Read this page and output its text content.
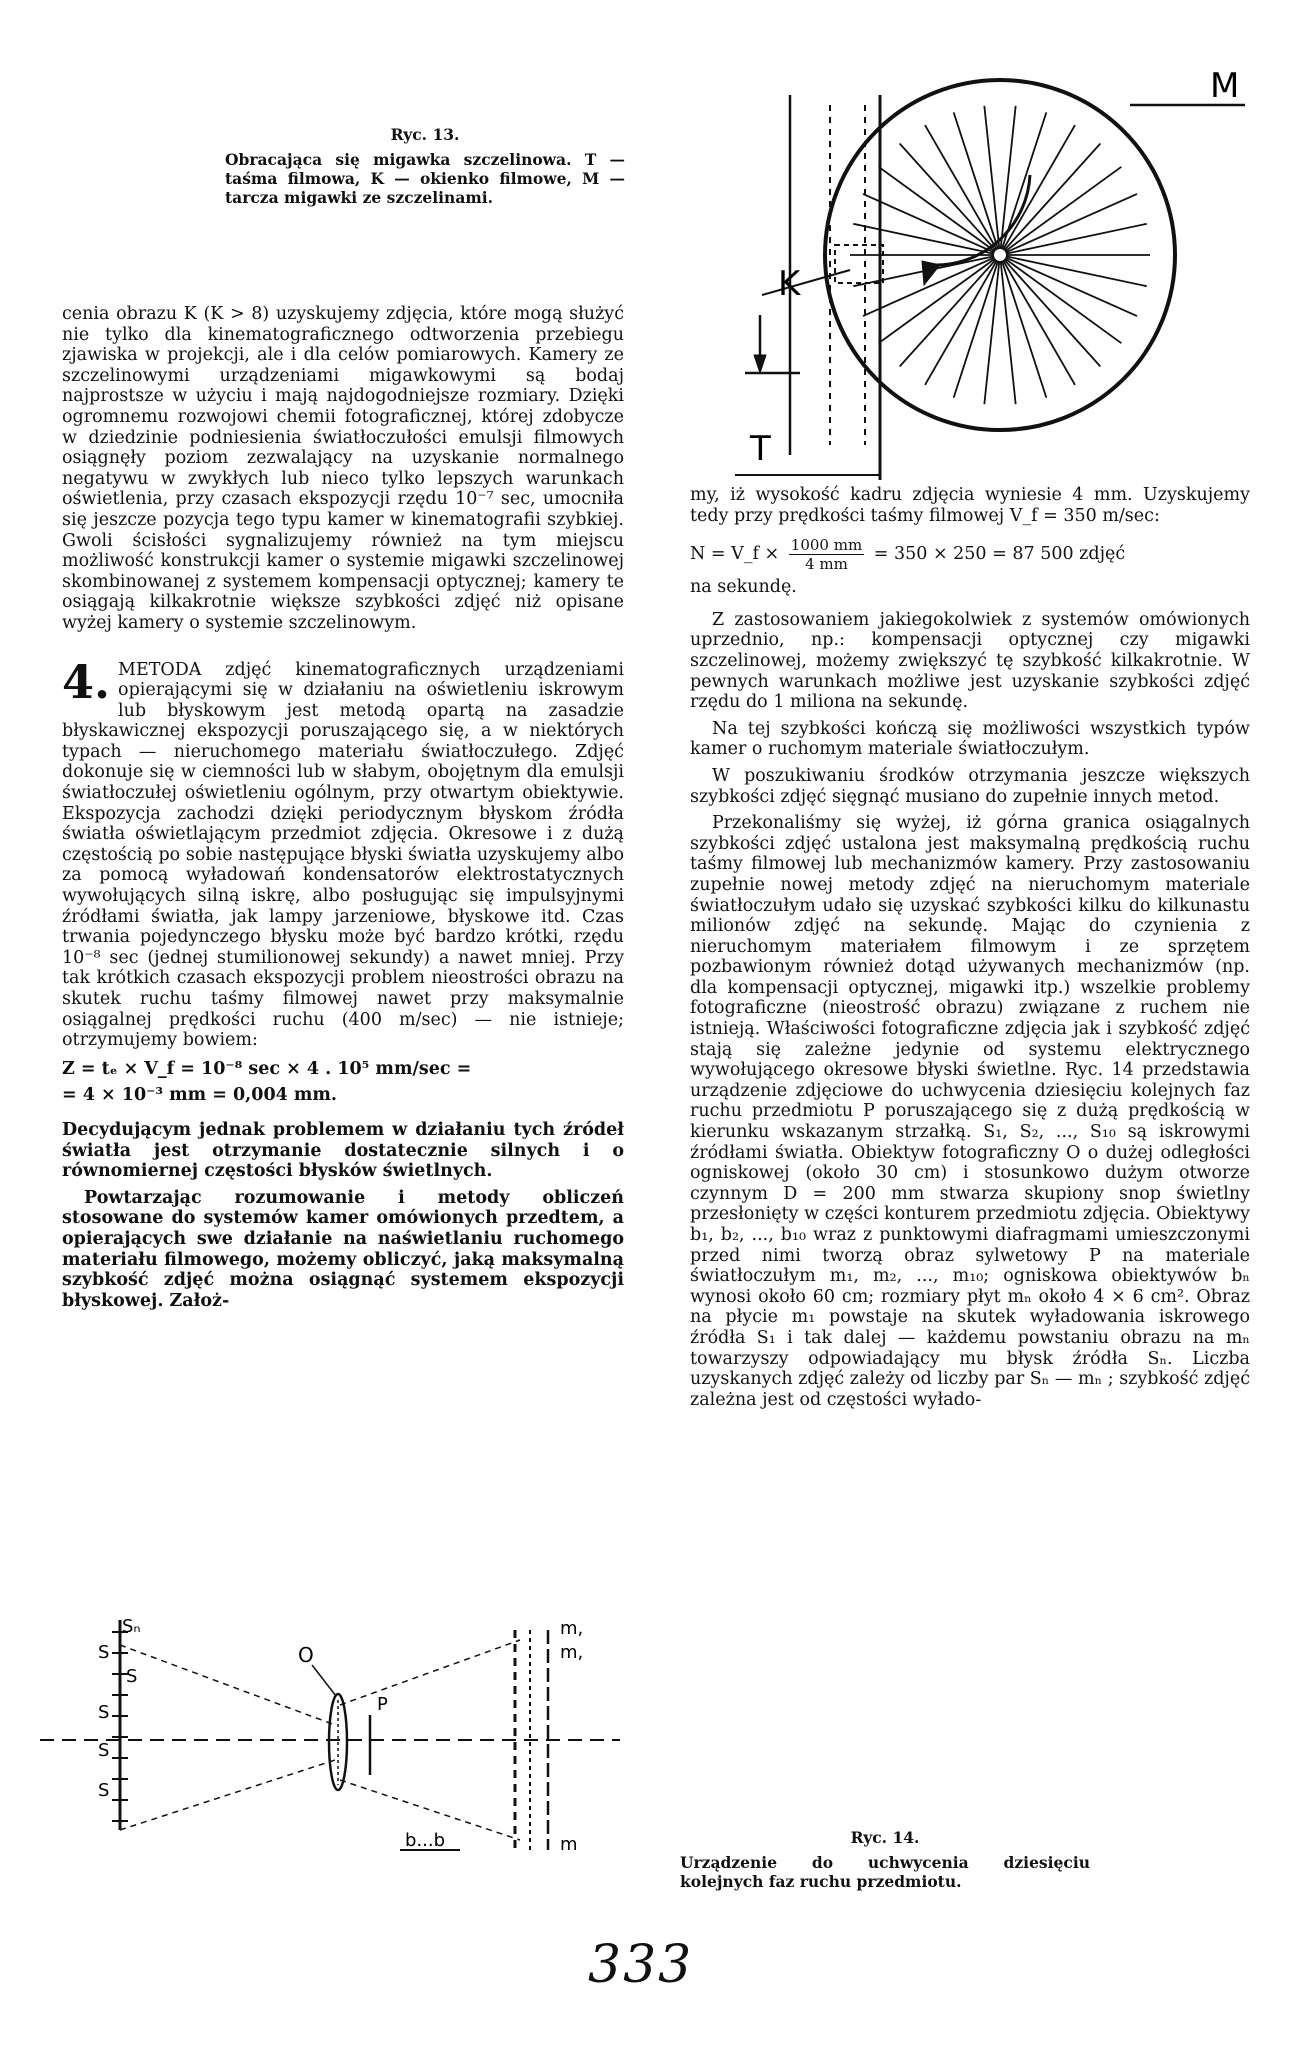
Ryc. 13.
Obracająca się migawka szczelinowa. T — taśma filmowa, K — okienko filmowe, M — tarcza migawki ze szczelinami.
M
K
T

cenia obrazu K (K > 8) uzyskujemy zdjęcia, które mogą służyć nie tylko dla kinematograficznego odtworzenia przebiegu zjawiska w projekcji, ale i dla celów pomiarowych. Kamery ze szczelinowymi urządzeniami migawkowymi są bodaj najprostsze w użyciu i mają najdogodniejsze rozmiary. Dzięki ogromnemu rozwojowi chemii fotograficznej, której zdobycze w dziedzinie podniesienia światłoczułości emulsji filmowych osiągnęły poziom zezwalający na uzyskanie normalnego negatywu w zwykłych lub nieco tylko lepszych warunkach oświetlenia, przy czasach ekspozycji rzędu 10⁻⁷ sec, umocniła się jeszcze pozycja tego typu kamer w kinematografii szybkiej. Gwoli ścisłości sygnalizujemy również na tym miejscu możliwość konstrukcji kamer o systemie migawki szczelinowej skombinowanej z systemem kompensacji optycznej; kamery te osiągają kilkakrotnie większe szybkości zdjęć niż opisane wyżej kamery o systemie szczelinowym.

4. METODA zdjęć kinematograficznych urządzeniami opierającymi się w działaniu na oświetleniu iskrowym lub błyskowym jest metodą opartą na zasadzie błyskawicznej ekspozycji poruszającego się, a w niektórych typach — nieruchomego materiału światłoczułego. Zdjęć dokonuje się w ciemności lub w słabym, obojętnym dla emulsji światłoczułej oświetleniu ogólnym, przy otwartym obiektywie. Ekspozycja zachodzi dzięki periodycznym błyskom źródła światła oświetlającym przedmiot zdjęcia. Okresowe i z dużą częstością po sobie następujące błyski światła uzyskujemy albo za pomocą wyładowań kondensatorów elektrostatycznych wywołujących silną iskrę, albo posługując się impulsyjnymi źródłami światła, jak lampy jarzeniowe, błyskowe itd. Czas trwania pojedynczego błysku może być bardzo krótki, rzędu 10⁻⁸ sec (jednej stumilionowej sekundy) a nawet mniej. Przy tak krótkich czasach ekspozycji problem nieostrości obrazu na skutek ruchu taśmy filmowej nawet przy maksymalnie osiągalnej prędkości ruchu (400 m/sec) — nie istnieje; otrzymujemy bowiem:

Z = tₑ × V_f = 10⁻⁸ sec × 4 . 10⁵ mm/sec =
= 4 × 10⁻³ mm = 0,004 mm.

Decydującym jednak problemem w działaniu tych źródeł światła jest otrzymanie dostatecznie silnych i o równomiernej częstości błysków świetlnych.

Powtarzając rozumowanie i metody obliczeń stosowane do systemów kamer omówionych przedtem, a opierających swe działanie na naświetlaniu ruchomego materiału filmowego, możemy obliczyć, jaką maksymalną szybkość zdjęć można osiągnąć systemem ekspozycji błyskowej. Założ-

my, iż wysokość kadru zdjęcia wyniesie 4 mm. Uzyskujemy tedy przy prędkości taśmy filmowej V_f = 350 m/sec:

N = V_f × $\frac{1000 mm}{4 mm} = 350 \times 250 = 87$ 500 zdjęć

na sekundę.

Z zastosowaniem jakiegokolwiek z systemów omówionych uprzednio, np.: kompensacji optycznej czy migawki szczelinowej, możemy zwiększyć tę szybkość kilkakrotnie. W pewnych warunkach możliwe jest uzyskanie szybkości zdjęć rzędu do 1 miliona na sekundę.

Na tej szybkości kończą się możliwości wszystkich typów kamer o ruchomym materiale światłoczułym.

W poszukiwaniu środków otrzymania jeszcze większych szybkości zdjęć sięgnąć musiano do zupełnie innych metod.

Przekonaliśmy się wyżej, iż górna granica osiągalnych szybkości zdjęć ustalona jest maksymalną prędkością ruchu taśmy filmowej lub mechanizmów kamery. Przy zastosowaniu zupełnie nowej metody zdjęć na nieruchomym materiale światłoczułym udało się uzyskać szybkości kilku do kilkunastu milionów zdjęć na sekundę. Mając do czynienia z nieruchomym materiałem filmowym i ze sprzętem pozbawionym również dotąd używanych mechanizmów (np. dla kompensacji optycznej, migawki itp.) wszelkie problemy fotograficzne (nieostrość obrazu) związane z ruchem nie istnieją. Właściwości fotograficzne zdjęcia jak i szybkość zdjęć stają się zależne jedynie od systemu elektrycznego wywołującego okresowe błyski świetlne. Ryc. 14 przedstawia urządzenie zdjęciowe do uchwycenia dziesięciu kolejnych faz ruchu przedmiotu P poruszającego się z dużą prędkością w kierunku wskazanym strzałką. S₁, S₂, ..., S₁₀ są iskrowymi źródłami światła. Obiektyw fotograficzny O o dużej odległości ogniskowej (około 30 cm) i stosunkowo dużym otworze czynnym D = 200 mm stwarza skupiony snop świetlny przesłonięty w części konturem przedmiotu zdjęcia. Obiektywy b₁, b₂, ..., b₁₀ wraz z punktowymi diafragmami umieszczonymi przed nimi tworzą obraz sylwetowy P na materiale światłoczułym m₁, m₂, ..., m₁₀; ogniskowa obiektywów bₙ wynosi około 60 cm; rozmiary płyt mₙ około 4 × 6 cm². Obraz na płycie m₁ powstaje na skutek wyładowania iskrowego źródła S₁ i tak dalej — każdemu powstaniu obrazu na mₙ towarzyszy odpowiadający mu błysk źródła Sₙ. Liczba uzyskanych zdjęć zależy od liczby par Sₙ — mₙ ; szybkość zdjęć zależna jest od częstości wyłado-

Sₙ
S
S
S
S
S
O
P
b...b
m,
m,
m	Ryc. 14.
Urządzenie do uchwycenia dziesięciu kolejnych faz ruchu przedmiotu.
333
